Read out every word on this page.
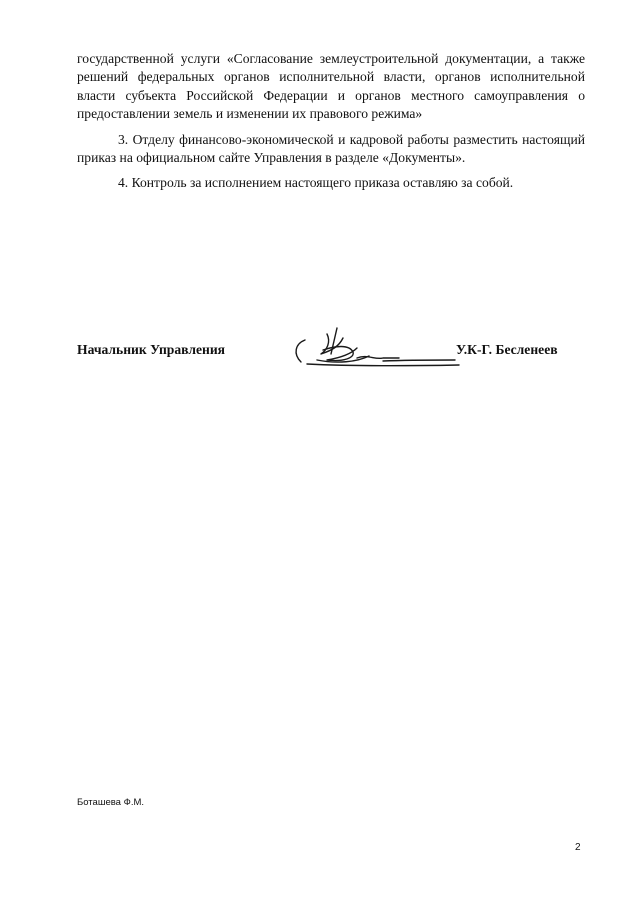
государственной услуги «Согласование землеустроительной документации, а также решений федеральных органов исполнительной власти, органов исполнительной власти субъекта Российской Федерации и органов местного самоуправления о предоставлении земель и изменении их правового режима»

3. Отделу финансово-экономической и кадровой работы разместить настоящий приказ на официальном сайте Управления в разделе «Документы».

4. Контроль за исполнением настоящего приказа оставляю за собой.

Начальник Управления	У.К-Г. Бесленеев
Боташева Ф.М.
2
